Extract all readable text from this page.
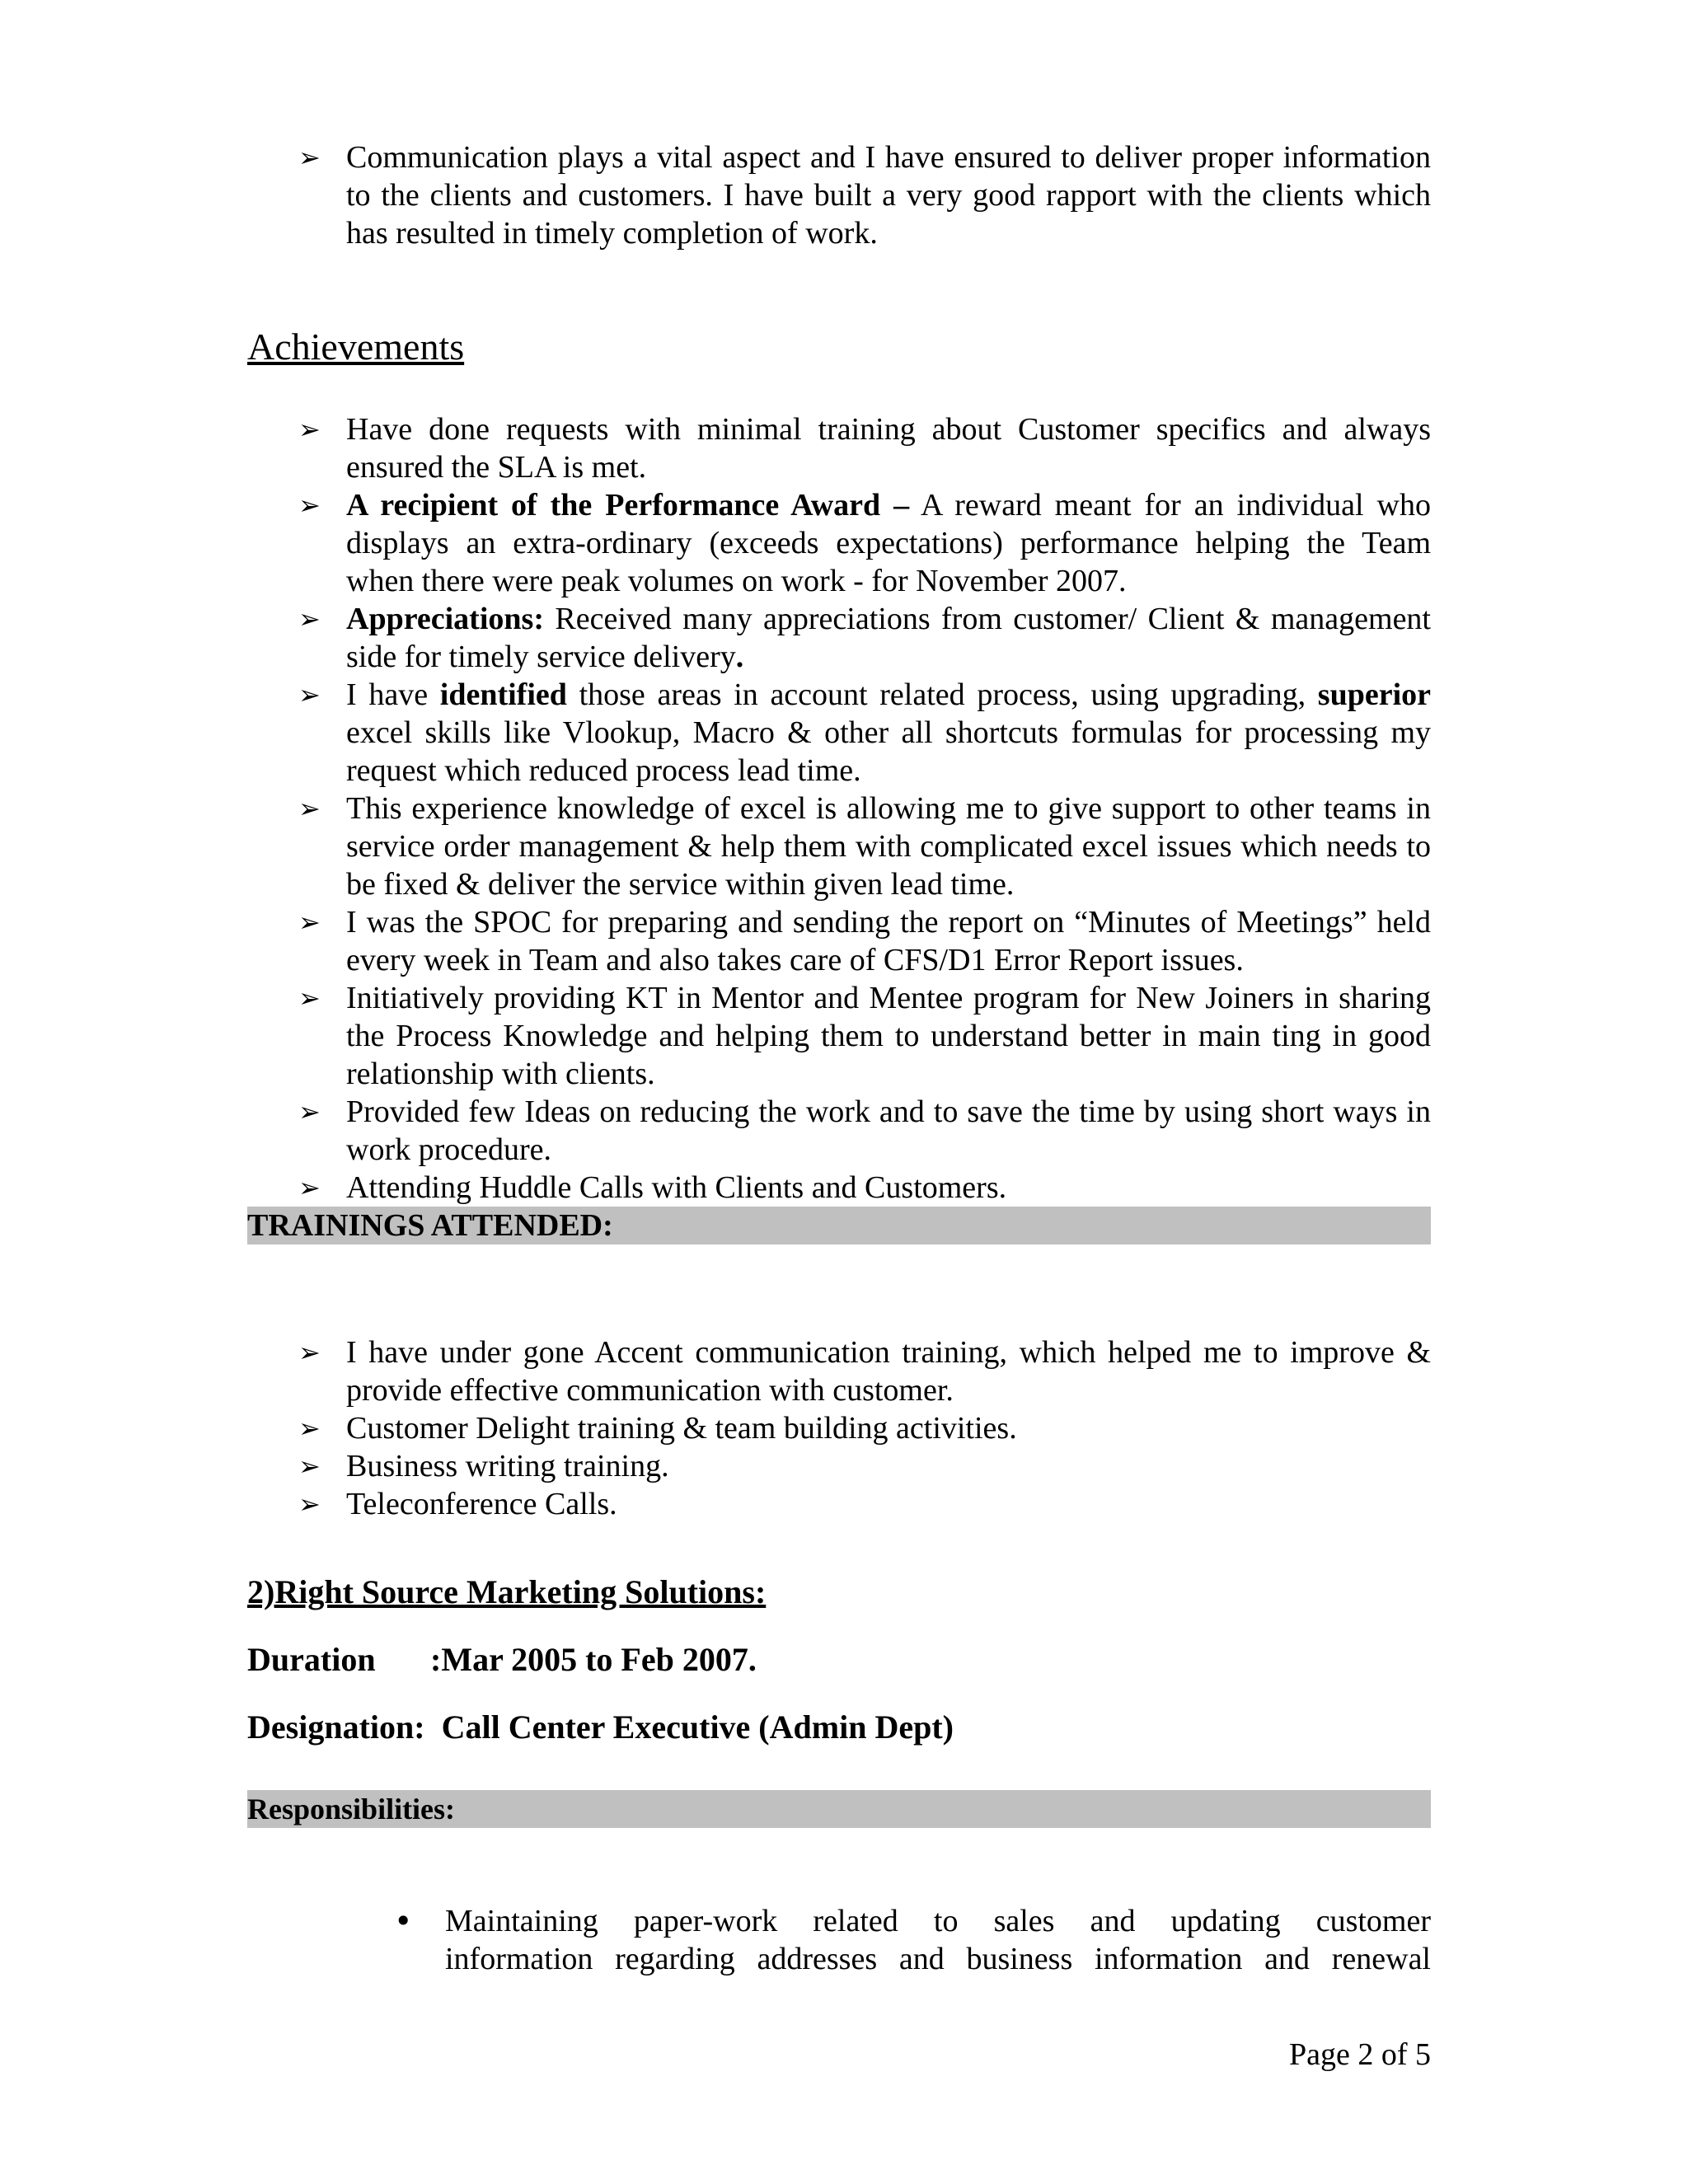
➢ Communication plays a vital aspect and I have ensured to deliver proper information to the clients and customers. I have built a very good rapport with the clients which has resulted in timely completion of work.
Achievements
➢ Have done requests with minimal training about Customer specifics and always ensured the SLA is met.
➢ A recipient of the Performance Award – A reward meant for an individual who displays an extra-ordinary (exceeds expectations) performance helping the Team when there were peak volumes on work - for November 2007.
➢ Appreciations: Received many appreciations from customer/ Client & management side for timely service delivery.
➢ I have identified those areas in account related process, using upgrading, superior excel skills like Vlookup, Macro & other all shortcuts formulas for processing my request which reduced process lead time.
➢ This experience knowledge of excel is allowing me to give support to other teams in service order management & help them with complicated excel issues which needs to be fixed & deliver the service within given lead time.
➢ I was the SPOC for preparing and sending the report on “Minutes of Meetings” held every week in Team and also takes care of CFS/D1 Error Report issues.
➢ Initiatively providing KT in Mentor and Mentee program for New Joiners in sharing the Process Knowledge and helping them to understand better in main ting in good relationship with clients.
➢ Provided few Ideas on reducing the work and to save the time by using short ways in work procedure.
➢ Attending Huddle Calls with Clients and Customers.
TRAININGS ATTENDED:
➢ I have under gone Accent communication training, which helped me to improve & provide effective communication with customer.
➢ Customer Delight training & team building activities.
➢ Business writing training.
➢ Teleconference Calls.
2)Right Source Marketing Solutions:
Duration :Mar 2005 to Feb 2007.
Designation: Call Center Executive (Admin Dept)
Responsibilities:
• Maintaining paper-work related to sales and updating customer
information regarding addresses and business information and renewal
Page 2 of 5
